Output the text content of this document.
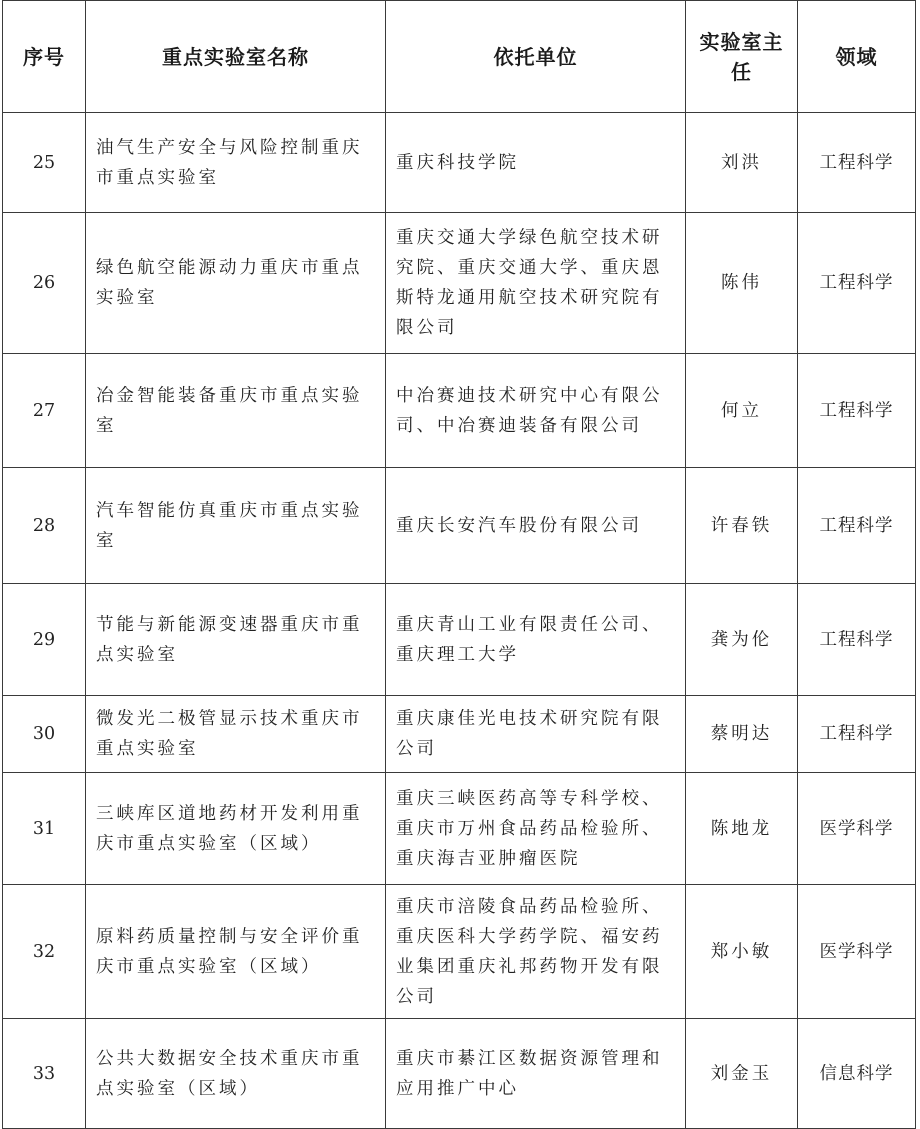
序号	重点实验室名称	依托单位	实验室主任	领域
25	油气生产安全与风险控制重庆市重点实验室	重庆科技学院	刘洪	工程科学
26	绿色航空能源动力重庆市重点实验室	重庆交通大学绿色航空技术研究院、重庆交通大学、重庆恩斯特龙通用航空技术研究院有限公司	陈伟	工程科学
27	冶金智能装备重庆市重点实验室	中冶赛迪技术研究中心有限公司、中冶赛迪装备有限公司	何立	工程科学
28	汽车智能仿真重庆市重点实验室	重庆长安汽车股份有限公司	许春铁	工程科学
29	节能与新能源变速器重庆市重点实验室	重庆青山工业有限责任公司、重庆理工大学	龚为伦	工程科学
30	微发光二极管显示技术重庆市重点实验室	重庆康佳光电技术研究院有限公司	蔡明达	工程科学
31	三峡库区道地药材开发利用重庆市重点实验室（区域）	重庆三峡医药高等专科学校、重庆市万州食品药品检验所、重庆海吉亚肿瘤医院	陈地龙	医学科学
32	原料药质量控制与安全评价重庆市重点实验室（区域）	重庆市涪陵食品药品检验所、重庆医科大学药学院、福安药业集团重庆礼邦药物开发有限公司	郑小敏	医学科学
33	公共大数据安全技术重庆市重点实验室（区域）	重庆市綦江区数据资源管理和应用推广中心	刘金玉	信息科学
